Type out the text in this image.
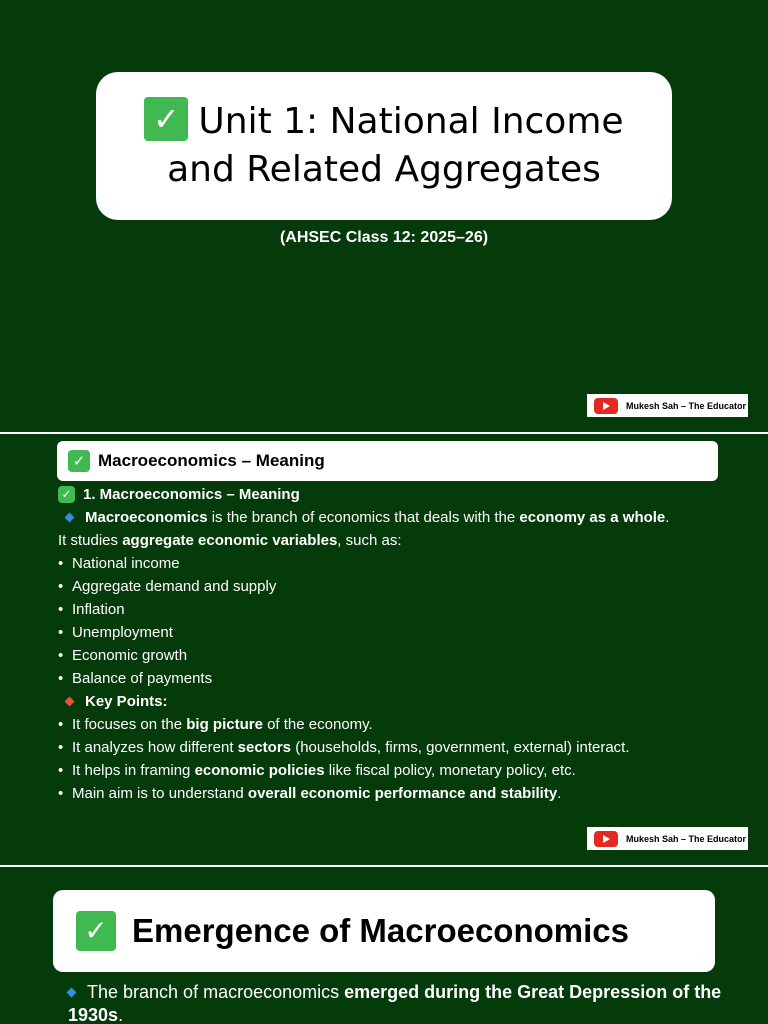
✓ Unit 1: National Income
and Related Aggregates
(AHSEC Class 12: 2025–26)
Mukesh Sah – The Educator
✓ Macroeconomics – Meaning
✓ 1. Macroeconomics – Meaning
Macroeconomics is the branch of economics that deals with the economy as a whole.
It studies aggregate economic variables, such as:
• National income
• Aggregate demand and supply
• Inflation
• Unemployment
• Economic growth
• Balance of payments
Key Points:
• It focuses on the big picture of the economy.
• It analyzes how different sectors (households, firms, government, external) interact.
• It helps in framing economic policies like fiscal policy, monetary policy, etc.
• Main aim is to understand overall economic performance and stability.
Mukesh Sah – The Educator
✓ Emergence of Macroeconomics
The branch of macroeconomics emerged during the Great Depression of the 1930s.
